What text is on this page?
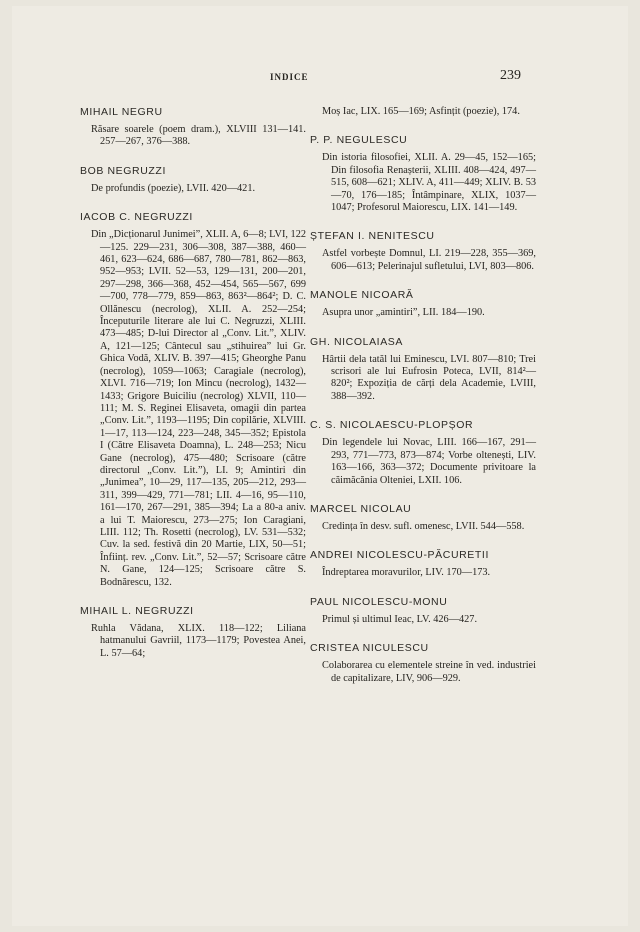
INDICE	239
MIHAIL NEGRU
Răsare soarele (poem dram.), XLVIII 131—141. 257—267, 376—388.
BOB NEGRUZZI
De profundis (poezie), LVII. 420—421.
IACOB C. NEGRUZZI
Din „Dicționarul Junimei”, XLII. A, 6—8; LVI, 122—125. 229—231, 306—308, 387—388, 460—461, 623—624, 686—687, 780—781, 862—863, 952—953; LVII. 52—53, 129—131, 200—201, 297—298, 366—368, 452—454, 565—567, 699—700, 778—779, 859—863, 863²—864²; D. C. Ollănescu (necrolog), XLII. A. 252—254; Începuturile literare ale lui C. Negruzzi, XLIII. 473—485; D-lui Director al „Conv. Lit.”, XLIV. A, 121—125; Cântecul sau „stihuirea” lui Gr. Ghica Vodă, XLIV. B. 397—415; Gheorghe Panu (necrolog), 1059—1063; Caragiale (necrolog), XLVI. 716—719; Ion Mincu (necrolog), 1432—1433; Grigore Buiciliu (necrolog) XLVII, 110—111; M. S. Reginei Elisaveta, omagii din partea „Conv. Lit.”, 1193—1195; Din copilărie, XLVIII. 1—17, 113—124, 223—248, 345—352; Epistola I (Către Elisaveta Doamna), L. 248—253; Nicu Gane (necrolog), 475—480; Scrisoare (către directorul „Conv. Lit.”), LI. 9; Amintiri din „Junimea”, 10—29, 117—135, 205—212, 293—311, 399—429, 771—781; LII. 4—16, 95—110, 161—170, 267—291, 385—394; La a 80-a aniv. a lui T. Maiorescu, 273—275; Ion Caragiani, LIII. 112; Th. Rosetti (necrolog), LV. 531—532; Cuv. la sed. festivă din 20 Martie, LIX, 50—51; Înființ. rev. „Conv. Lit.”, 52—57; Scrisoare către N. Gane, 124—125; Scrisoare către S. Bodnărescu, 132.
MIHAIL L. NEGRUZZI
Ruhla Vădana, XLIX. 118—122; Liliana hatmanului Gavriil, 1173—1179; Povestea Anei, L. 57—64;
Moș Iac, LIX. 165—169; Asfințit (poezie), 174.
P. P. NEGULESCU
Din istoria filosofiei, XLII. A. 29—45, 152—165; Din filosofia Renașterii, XLIII. 408—424, 497—515, 608—621; XLIV. A, 411—449; XLIV. B. 53—70, 176—185; Întâmpinare, XLIX, 1037—1047; Profesorul Maiorescu, LIX. 141—149.
ȘTEFAN I. NENITESCU
Astfel vorbește Domnul, LI. 219—228, 355—369, 606—613; Pelerinajul sufletului, LVI, 803—806.
MANOLE NICOARĂ
Asupra unor „amintiri”, LII. 184—190.
GH. NICOLAIASA
Hârtii dela tatăl lui Eminescu, LVI. 807—810; Trei scrisori ale lui Eufrosin Poteca, LVII, 814²—820²; Expoziția de cărți dela Academie, LVIII, 388—392.
C. S. NICOLAESCU-PLOPȘOR
Din legendele lui Novac, LIII. 166—167, 291—293, 771—773, 873—874; Vorbe oltenești, LIV. 163—166, 363—372; Documente privitoare la căimăcănia Olteniei, LXII. 106.
MARCEL NICOLAU
Credința în desv. sufl. omenesc, LVII. 544—558.
ANDREI NICOLESCU-PĂCURETII
Îndreptarea moravurilor, LIV. 170—173.
PAUL NICOLESCU-MONU
Primul și ultimul Ieac, LV. 426—427.
CRISTEA NICULESCU
Colaborarea cu elementele streine în ved. industriei de capitalizare, LIV, 906—929.
